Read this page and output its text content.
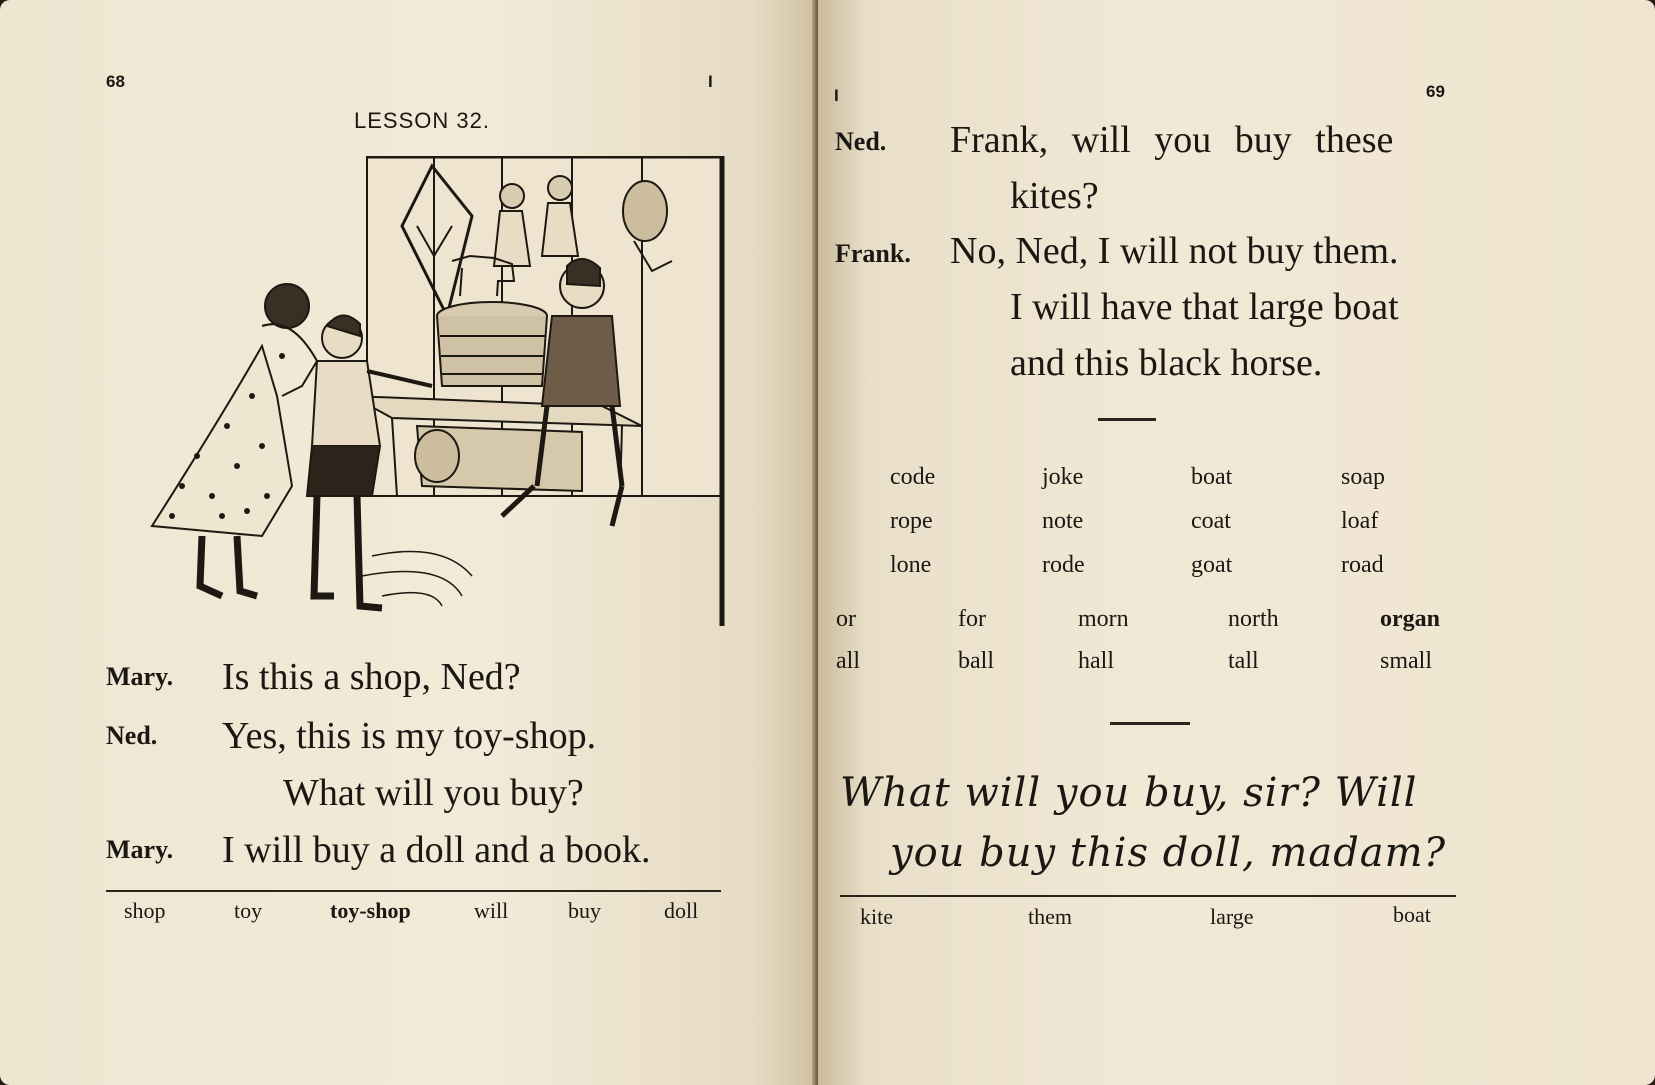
68	I

LESSON 32.

Mary. Is this a shop, Ned?

Ned. Yes, this is my toy-shop.

What will you buy?

Mary. I will buy a doll and a book.

shop	toy	toy-shop	will	buy	doll

I	69

Ned. Frank, will you buy these

kites?

Frank. No, Ned, I will not buy them.

I will have that large boat

and this black horse.

code	joke	boat	soap

rope	note	coat	loaf

lone	rode	goat	road

or	for	morn	north	organ

all	ball	hall	tall	small

What will you buy, sir? Will

you buy this doll, madam?

kite	them	large	boat
